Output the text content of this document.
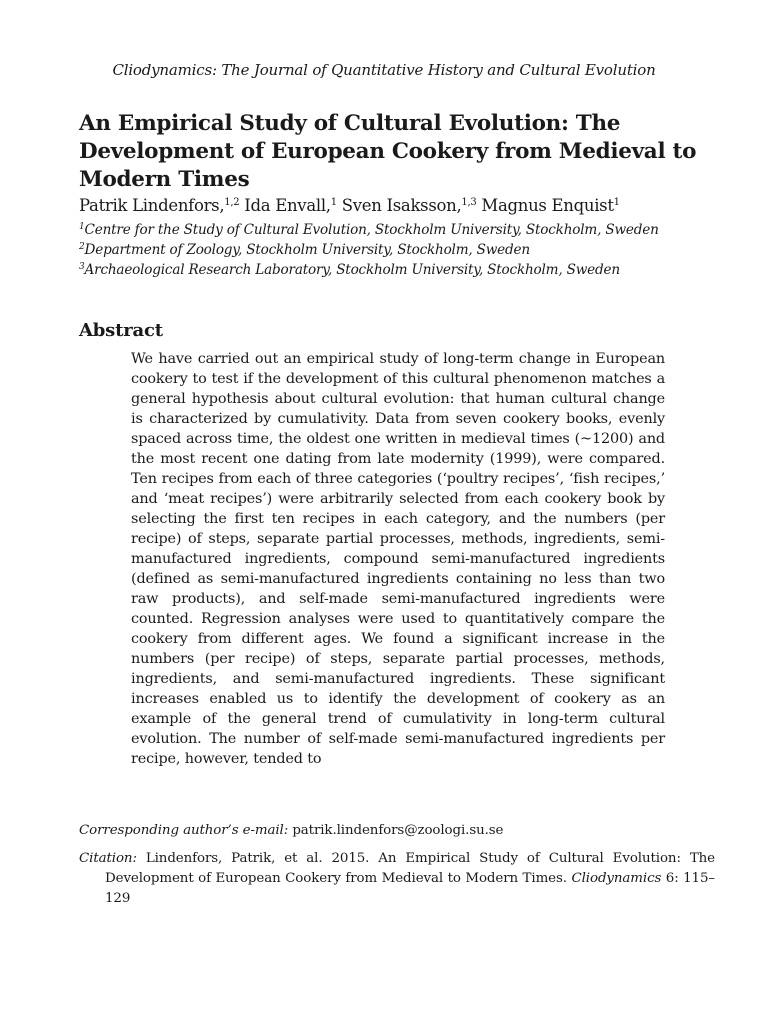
Cliodynamics: The Journal of Quantitative History and Cultural Evolution
An Empirical Study of Cultural Evolution: The Development of European Cookery from Medieval to Modern Times
Patrik Lindenfors,$^{1,2}$ Ida Envall,$^1$ Sven Isaksson,$^{1,3}$ Magnus Enquist$^1$
$^1$Centre for the Study of Cultural Evolution, Stockholm University, Stockholm, Sweden
$^2$Department of Zoology, Stockholm University, Stockholm, Sweden
$^3$Archaeological Research Laboratory, Stockholm University, Stockholm, Sweden
Abstract
We have carried out an empirical study of long-term change in European cookery to test if the development of this cultural phenomenon matches a general hypothesis about cultural evolution: that human cultural change is characterized by cumulativity. Data from seven cookery books, evenly spaced across time, the oldest one written in medieval times (~1200) and the most recent one dating from late modernity (1999), were compared. Ten recipes from each of three categories (‘poultry recipes’, ‘fish recipes,’ and ‘meat recipes’) were arbitrarily selected from each cookery book by selecting the first ten recipes in each category, and the numbers (per recipe) of steps, separate partial processes, methods, ingredients, semi-manufactured ingredients, compound semi-manufactured ingredients (defined as semi-manufactured ingredients containing no less than two raw products), and self-made semi-manufactured ingredients were counted. Regression analyses were used to quantitatively compare the cookery from different ages. We found a significant increase in the numbers (per recipe) of steps, separate partial processes, methods, ingredients, and semi-manufactured ingredients. These significant increases enabled us to identify the development of cookery as an example of the general trend of cumulativity in long-term cultural evolution. The number of self-made semi-manufactured ingredients per recipe, however, tended to
Corresponding author’s e-mail: patrik.lindenfors@zoologi.su.se
Citation: Lindenfors, Patrik, et al. 2015. An Empirical Study of Cultural Evolution: The Development of European Cookery from Medieval to Modern Times. Cliodynamics 6: 115–129
